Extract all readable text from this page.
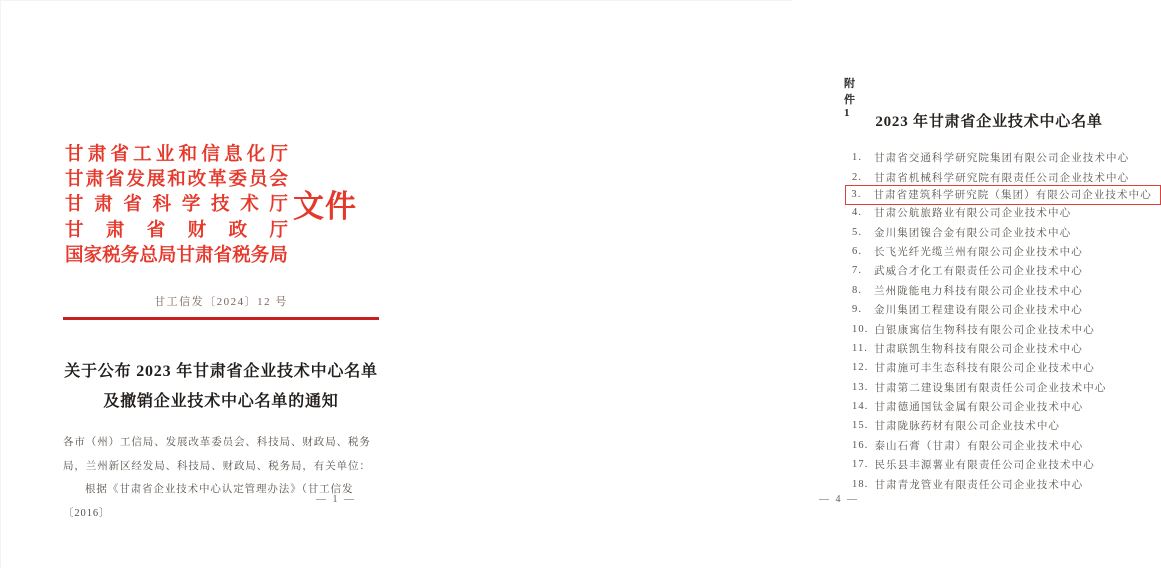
甘 肃 省 工 业 和 信 息 化 厅
甘 肃 省 发 展 和 改 革 委 员 会
甘 肃 省 科 学 技 术 厅
甘 肃 省 财 政 厅
国 家 税 务 总 局 甘 肃 省 税 务 局
文件
甘工信发〔2024〕12 号
关于公布 2023 年甘肃省企业技术中心名单
及撤销企业技术中心名单的通知
各市（州）工信局、发展改革委员会、科技局、财政局、税务
局，兰州新区经发局、科技局、财政局、税务局，有关单位：
根据《甘肃省企业技术中心认定管理办法》（甘工信发〔2016〕
— 1 —
附件 1
2023 年甘肃省企业技术中心名单
1.	甘肃省交通科学研究院集团有限公司企业技术中心
2.	甘肃省机械科学研究院有限责任公司企业技术中心
3.	甘肃省建筑科学研究院（集团）有限公司企业技术中心
4.	甘肃公航旅路业有限公司企业技术中心
5.	金川集团镍合金有限公司企业技术中心
6.	长飞光纤光缆兰州有限公司企业技术中心
7.	武威合才化工有限责任公司企业技术中心
8.	兰州陇能电力科技有限公司企业技术中心
9.	金川集团工程建设有限公司企业技术中心
10. 白银康寓信生物科技有限公司企业技术中心
11. 甘肃联凯生物科技有限公司企业技术中心
12. 甘肃施可丰生态科技有限公司企业技术中心
13. 甘肃第二建设集团有限责任公司企业技术中心
14. 甘肃德通国钛金属有限公司企业技术中心
15. 甘肃陇脉药材有限公司企业技术中心
16. 泰山石膏（甘肃）有限公司企业技术中心
17. 民乐县丰源薯业有限责任公司企业技术中心
18. 甘肃青龙管业有限责任公司企业技术中心
— 4 —
